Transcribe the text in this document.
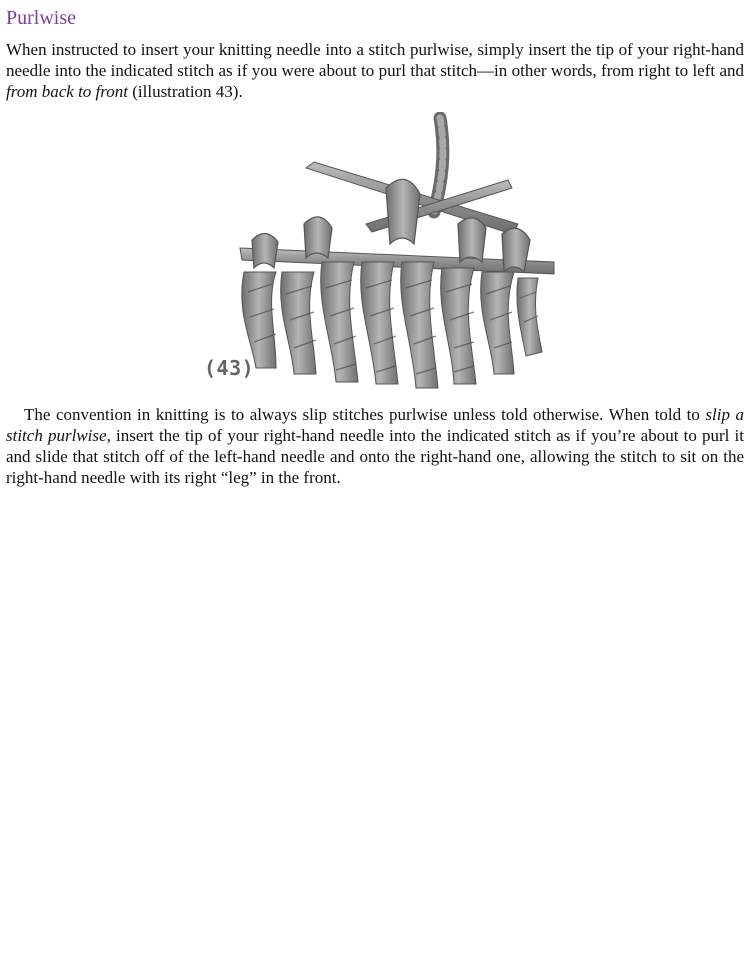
Purlwise

When instructed to insert your knitting needle into a stitch purlwise, simply insert the tip of your right-hand needle into the indicated stitch as if you were about to purl that stitch—in other words, from right to left and from back to front (illustration 43).

(43)

The convention in knitting is to always slip stitches purlwise unless told otherwise. When told to slip a stitch purlwise, insert the tip of your right-hand needle into the indicated stitch as if you’re about to purl it and slide that stitch off of the left-hand needle and onto the right-hand one, allowing the stitch to sit on the right-hand needle with its right “leg” in the front.
